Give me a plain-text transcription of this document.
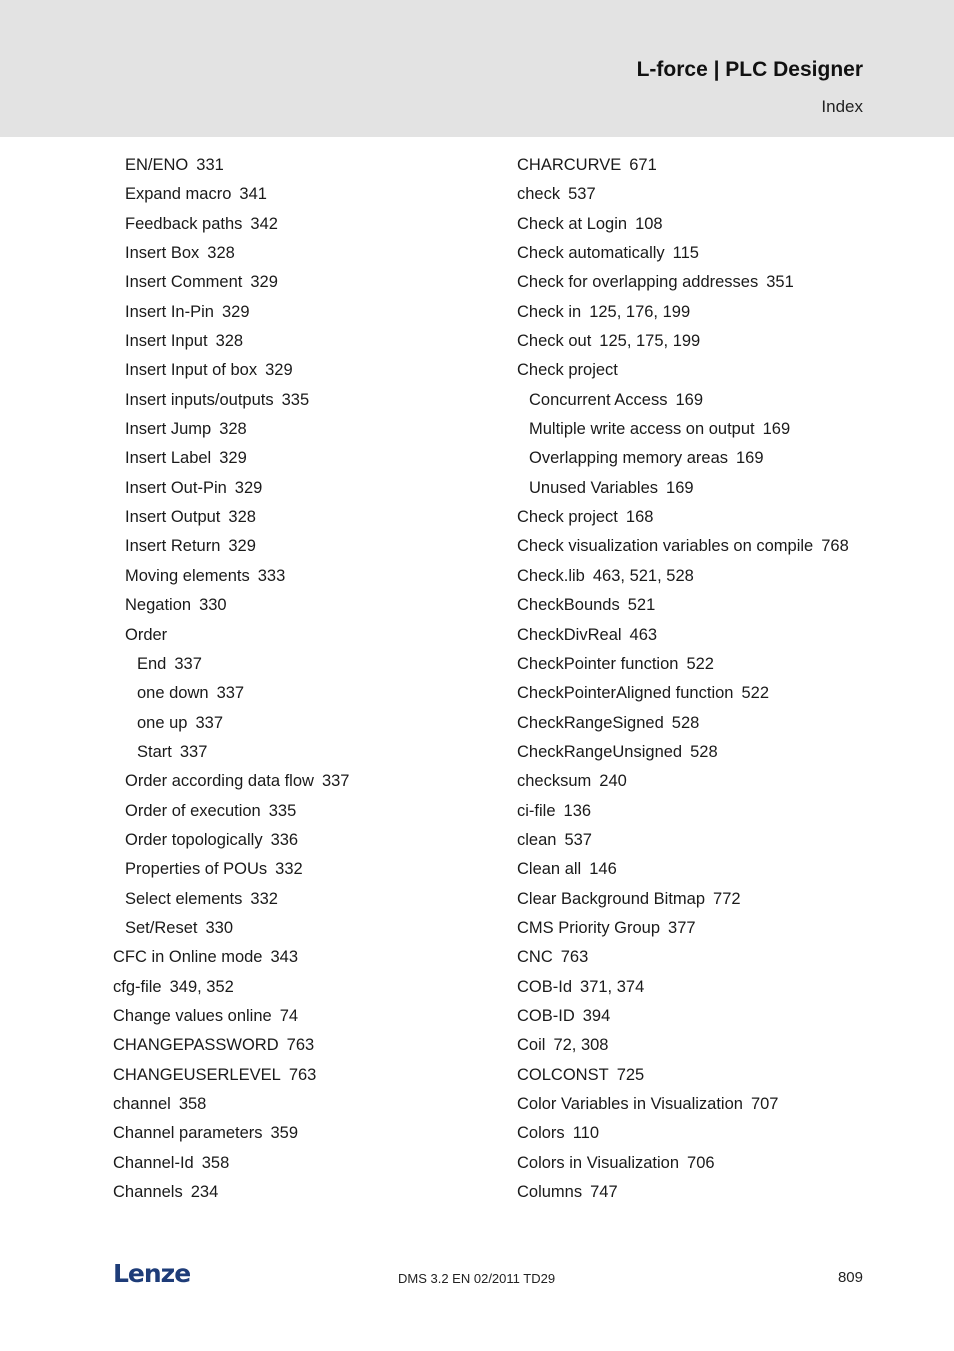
L-force | PLC Designer
Index
EN/ENO 331
Expand macro 341
Feedback paths 342
Insert Box 328
Insert Comment 329
Insert In-Pin 329
Insert Input 328
Insert Input of box 329
Insert inputs/outputs 335
Insert Jump 328
Insert Label 329
Insert Out-Pin 329
Insert Output 328
Insert Return 329
Moving elements 333
Negation 330
Order
End 337
one down 337
one up 337
Start 337
Order according data flow 337
Order of execution 335
Order topologically 336
Properties of POUs 332
Select elements 332
Set/Reset 330
CFC in Online mode 343
cfg-file 349, 352
Change values online 74
CHANGEPASSWORD 763
CHANGEUSERLEVEL 763
channel 358
Channel parameters 359
Channel-Id 358
Channels 234
CHARCURVE 671
check 537
Check at Login 108
Check automatically 115
Check for overlapping addresses 351
Check in 125, 176, 199
Check out 125, 175, 199
Check project
Concurrent Access 169
Multiple write access on output 169
Overlapping memory areas 169
Unused Variables 169
Check project 168
Check visualization variables on compile 768
Check.lib 463, 521, 528
CheckBounds 521
CheckDivReal 463
CheckPointer function 522
CheckPointerAligned function 522
CheckRangeSigned 528
CheckRangeUnsigned 528
checksum 240
ci-file 136
clean 537
Clean all 146
Clear Background Bitmap 772
CMS Priority Group 377
CNC 763
COB-Id 371, 374
COB-ID 394
Coil 72, 308
COLCONST 725
Color Variables in Visualization 707
Colors 110
Colors in Visualization 706
Columns 747
Lenze	DMS 3.2 EN 02/2011 TD29	809
